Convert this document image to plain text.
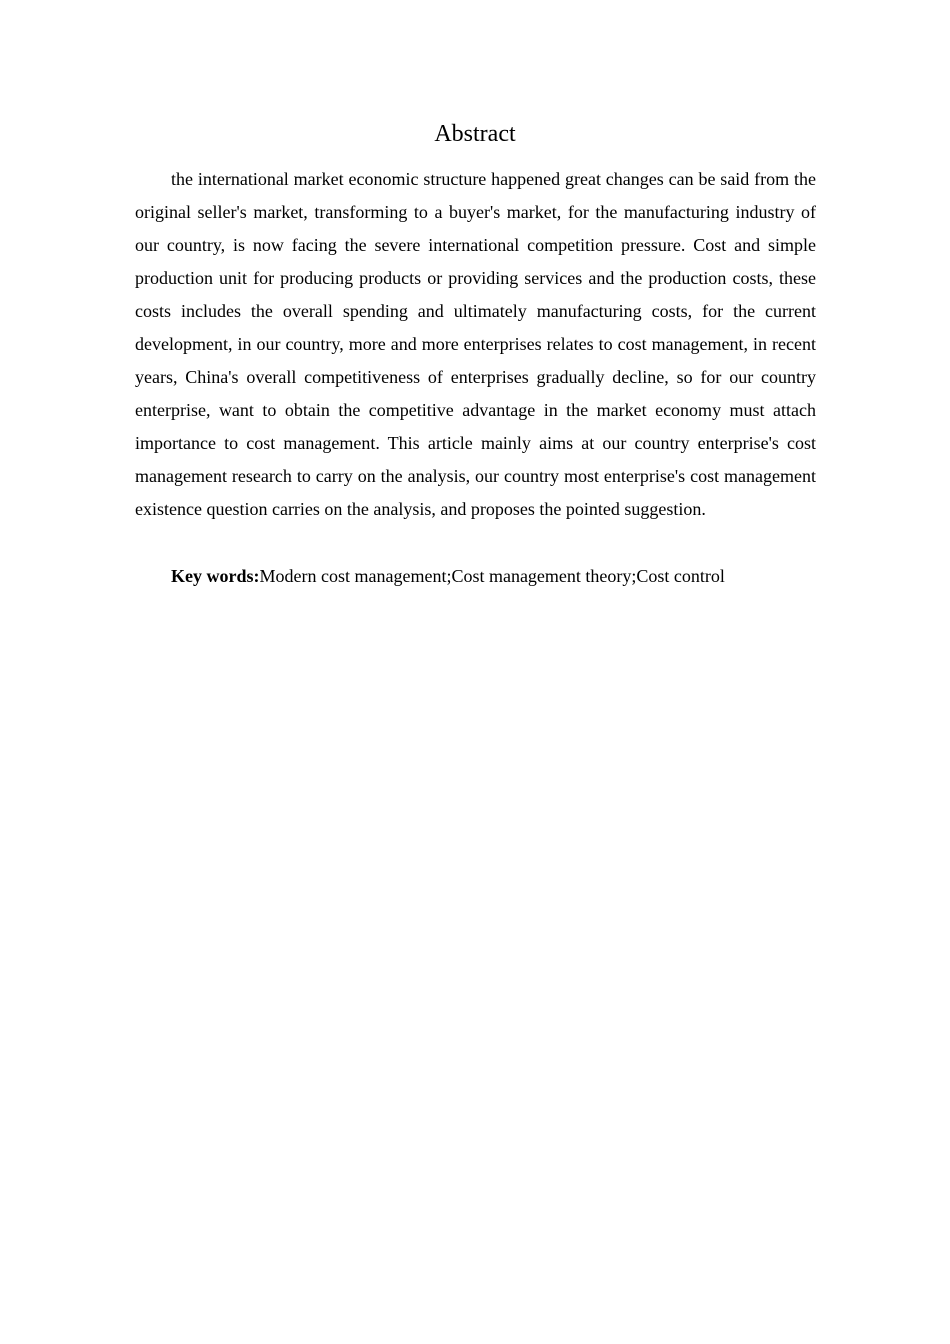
Abstract

the international market economic structure happened great changes can be said from the original seller's market, transforming to a buyer's market, for the manufacturing industry of our country, is now facing the severe international competition pressure. Cost and simple production unit for producing products or providing services and the production costs, these costs includes the overall spending and ultimately manufacturing costs, for the current development, in our country, more and more enterprises relates to cost management, in recent years, China's overall competitiveness of enterprises gradually decline, so for our country enterprise, want to obtain the competitive advantage in the market economy must attach importance to cost management. This article mainly aims at our country enterprise's cost management research to carry on the analysis, our country most enterprise's cost management existence question carries on the analysis, and proposes the pointed suggestion.

Key words:Modern cost management;Cost management theory;Cost control
